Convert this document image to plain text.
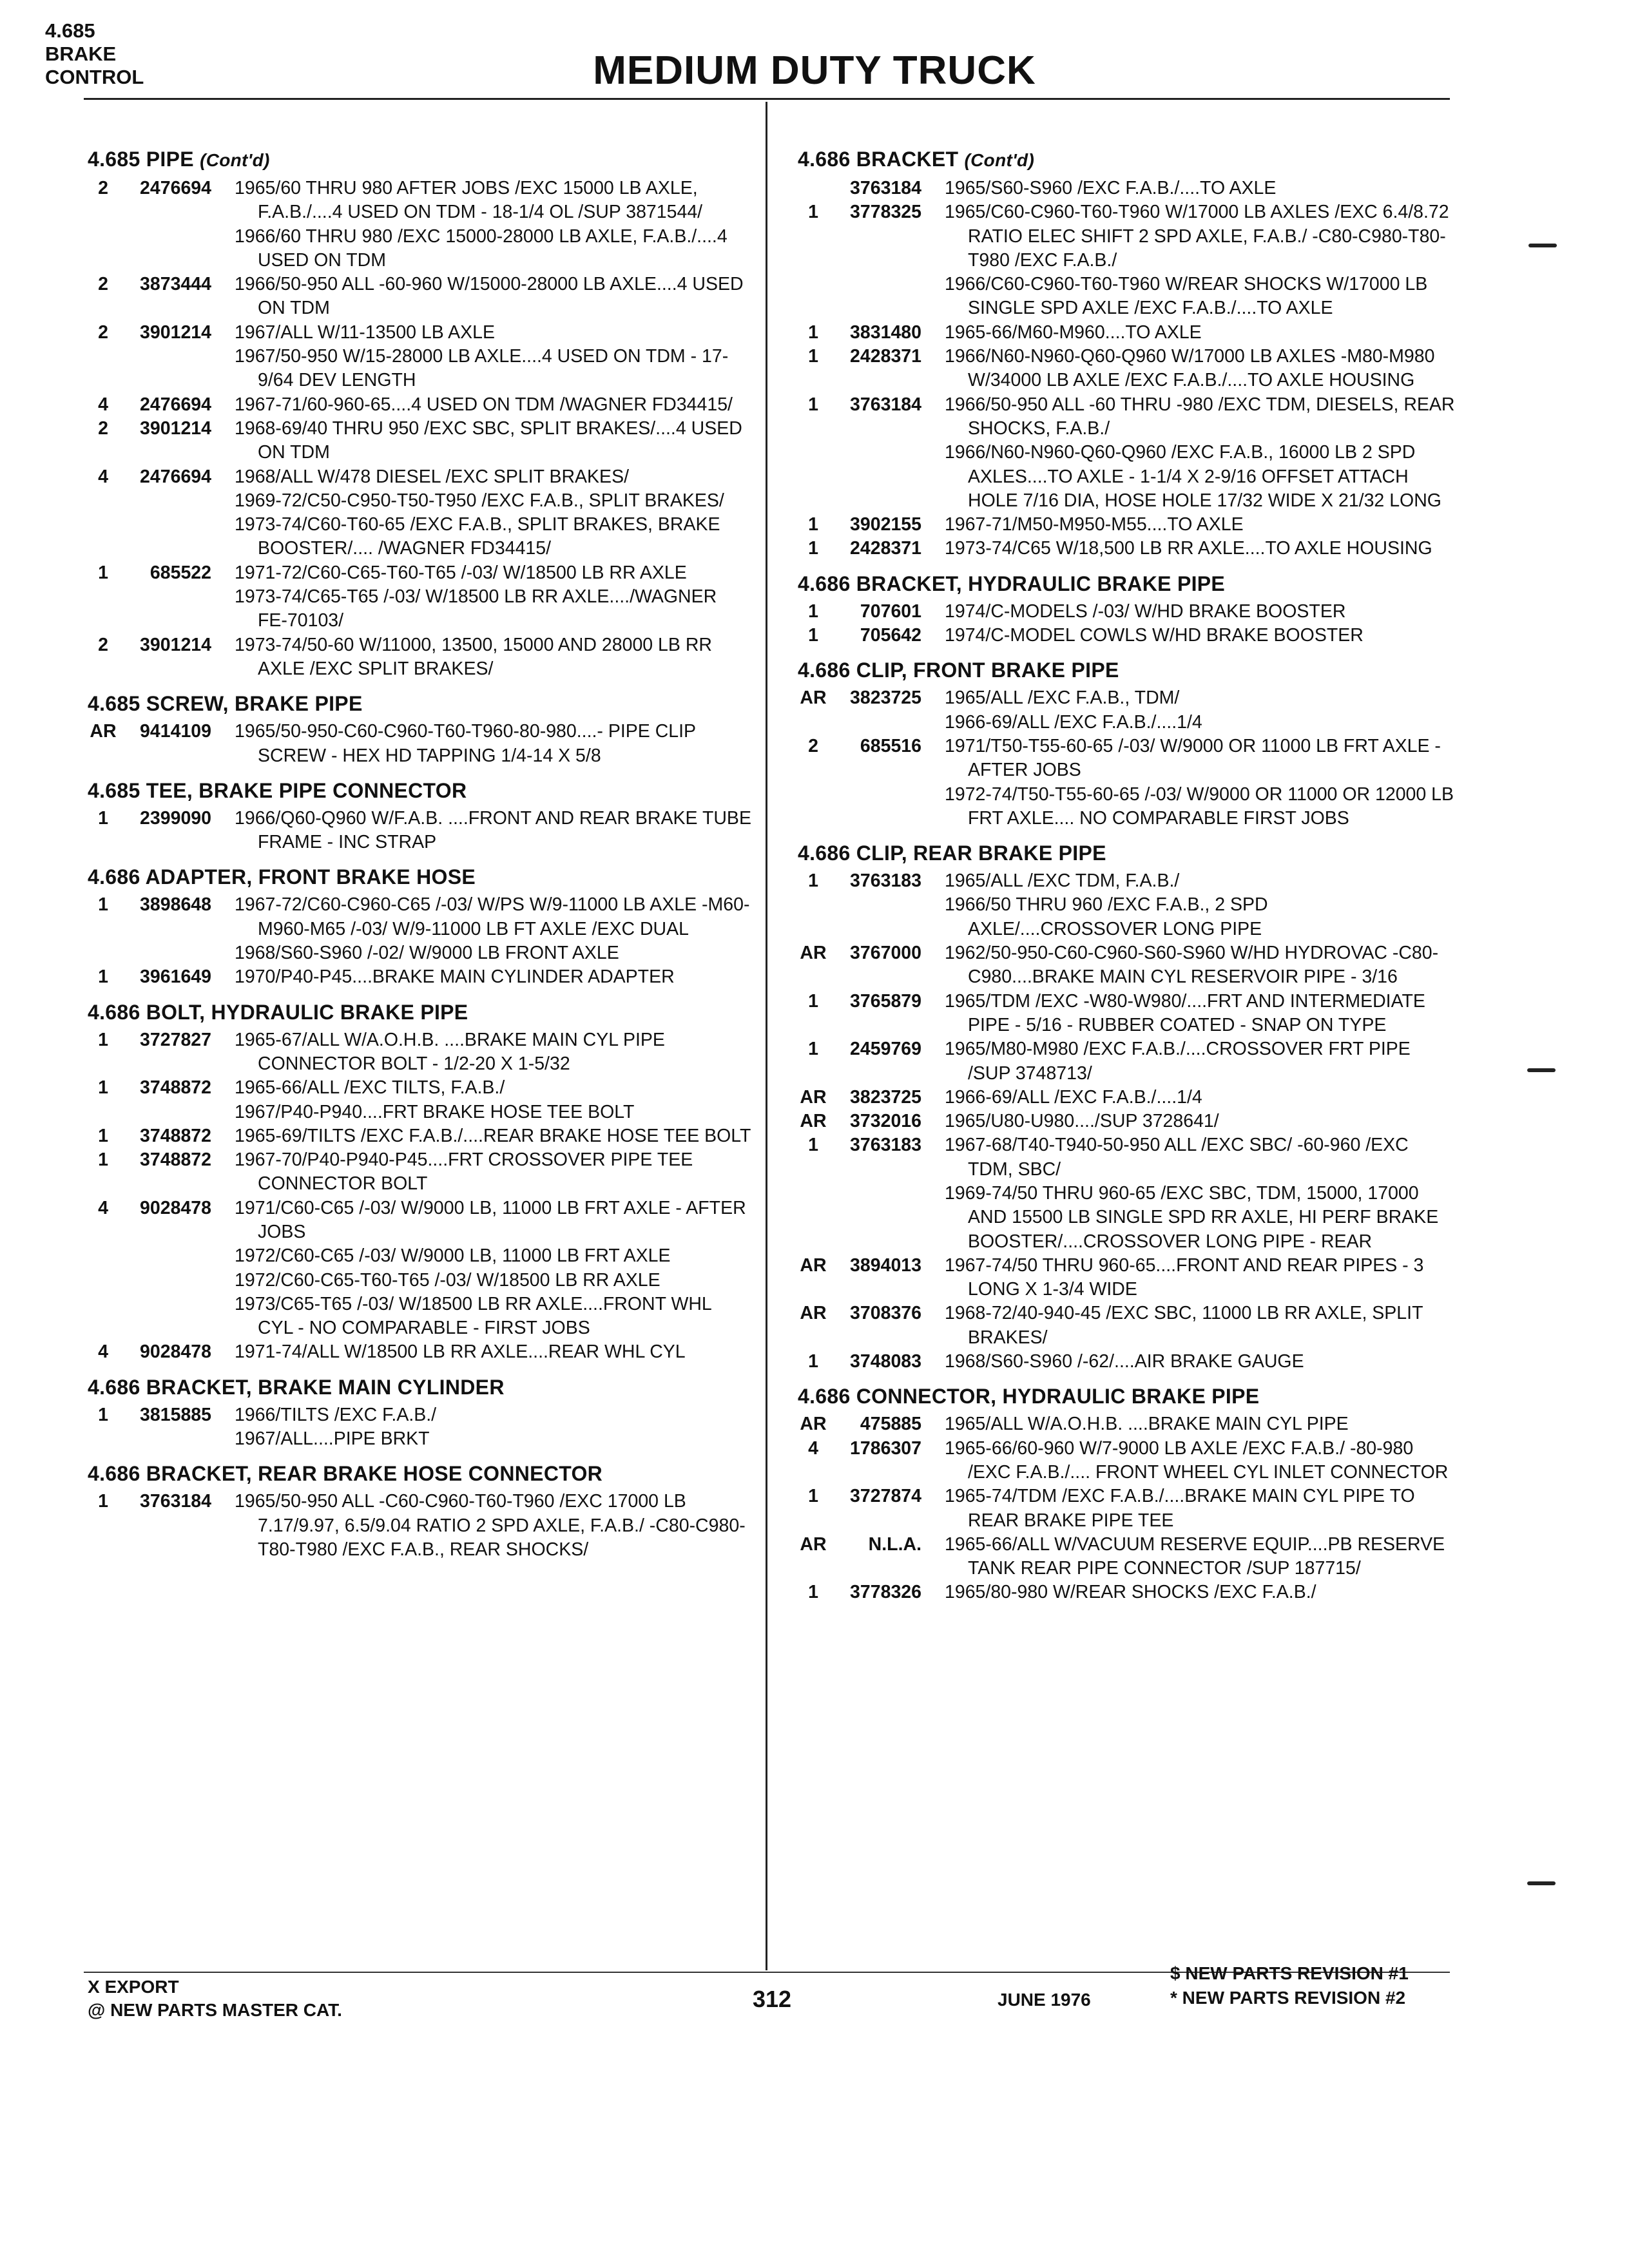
4.685
BRAKE
CONTROL	MEDIUM DUTY TRUCK
4.685 PIPE (Cont'd)
2	2476694	1965/60 THRU 980 AFTER JOBS /EXC 15000 LB AXLE, F.A.B./....4 USED ON TDM - 18-1/4 OL /SUP 3871544/
1966/60 THRU 980 /EXC 15000-28000 LB AXLE, F.A.B./....4 USED ON TDM
2	3873444	1966/50-950 ALL -60-960 W/15000-28000 LB AXLE....4 USED ON TDM
2	3901214	1967/ALL W/11-13500 LB AXLE
1967/50-950 W/15-28000 LB AXLE....4 USED ON TDM - 17-9/64 DEV LENGTH
4	2476694	1967-71/60-960-65....4 USED ON TDM /WAGNER FD34415/
2	3901214	1968-69/40 THRU 950 /EXC SBC, SPLIT BRAKES/....4 USED ON TDM
4	2476694	1968/ALL W/478 DIESEL /EXC SPLIT BRAKES/
1969-72/C50-C950-T50-T950 /EXC F.A.B., SPLIT BRAKES/
1973-74/C60-T60-65 /EXC F.A.B., SPLIT BRAKES, BRAKE BOOSTER/.... /WAGNER FD34415/
1	685522	1971-72/C60-C65-T60-T65 /-03/ W/18500 LB RR AXLE
1973-74/C65-T65 /-03/ W/18500 LB RR AXLE..../WAGNER FE-70103/
2	3901214	1973-74/50-60 W/11000, 13500, 15000 AND 28000 LB RR AXLE /EXC SPLIT BRAKES/
4.685 SCREW, BRAKE PIPE
AR	9414109	1965/50-950-C60-C960-T60-T960-80-980....- PIPE CLIP SCREW - HEX HD TAPPING 1/4-14 X 5/8
4.685 TEE, BRAKE PIPE CONNECTOR
1	2399090	1966/Q60-Q960 W/F.A.B. ....FRONT AND REAR BRAKE TUBE FRAME - INC STRAP
4.686 ADAPTER, FRONT BRAKE HOSE
1	3898648	1967-72/C60-C960-C65 /-03/ W/PS W/9-11000 LB AXLE -M60-M960-M65 /-03/ W/9-11000 LB FT AXLE /EXC DUAL
1968/S60-S960 /-02/ W/9000 LB FRONT AXLE
1	3961649	1970/P40-P45....BRAKE MAIN CYLINDER ADAPTER
4.686 BOLT, HYDRAULIC BRAKE PIPE
1	3727827	1965-67/ALL W/A.O.H.B. ....BRAKE MAIN CYL PIPE CONNECTOR BOLT - 1/2-20 X 1-5/32
1	3748872	1965-66/ALL /EXC TILTS, F.A.B./
1967/P40-P940....FRT BRAKE HOSE TEE BOLT
1	3748872	1965-69/TILTS /EXC F.A.B./....REAR BRAKE HOSE TEE BOLT
1	3748872	1967-70/P40-P940-P45....FRT CROSSOVER PIPE TEE CONNECTOR BOLT
4	9028478	1971/C60-C65 /-03/ W/9000 LB, 11000 LB FRT AXLE - AFTER JOBS
1972/C60-C65 /-03/ W/9000 LB, 11000 LB FRT AXLE
1972/C60-C65-T60-T65 /-03/ W/18500 LB RR AXLE
1973/C65-T65 /-03/ W/18500 LB RR AXLE....FRONT WHL CYL - NO COMPARABLE - FIRST JOBS
4	9028478	1971-74/ALL W/18500 LB RR AXLE....REAR WHL CYL
4.686 BRACKET, BRAKE MAIN CYLINDER
1	3815885	1966/TILTS /EXC F.A.B./
1967/ALL....PIPE BRKT
4.686 BRACKET, REAR BRAKE HOSE CONNECTOR
1	3763184	1965/50-950 ALL -C60-C960-T60-T960 /EXC 17000 LB 7.17/9.97, 6.5/9.04 RATIO 2 SPD AXLE, F.A.B./ -C80-C980-T80-T980 /EXC F.A.B., REAR SHOCKS/
4.686 BRACKET (Cont'd)
3763184	1965/S60-S960 /EXC F.A.B./....TO AXLE
1	3778325	1965/C60-C960-T60-T960 W/17000 LB AXLES /EXC 6.4/8.72 RATIO ELEC SHIFT 2 SPD AXLE, F.A.B./ -C80-C980-T80-T980 /EXC F.A.B./
1966/C60-C960-T60-T960 W/REAR SHOCKS W/17000 LB SINGLE SPD AXLE /EXC F.A.B./....TO AXLE
1	3831480	1965-66/M60-M960....TO AXLE
1	2428371	1966/N60-N960-Q60-Q960 W/17000 LB AXLES -M80-M980 W/34000 LB AXLE /EXC F.A.B./....TO AXLE HOUSING
1	3763184	1966/50-950 ALL -60 THRU -980 /EXC TDM, DIESELS, REAR SHOCKS, F.A.B./
1966/N60-N960-Q60-Q960 /EXC F.A.B., 16000 LB 2 SPD AXLES....TO AXLE - 1-1/4 X 2-9/16 OFFSET ATTACH HOLE 7/16 DIA, HOSE HOLE 17/32 WIDE X 21/32 LONG
1	3902155	1967-71/M50-M950-M55....TO AXLE
1	2428371	1973-74/C65 W/18,500 LB RR AXLE....TO AXLE HOUSING
4.686 BRACKET, HYDRAULIC BRAKE PIPE
1	707601	1974/C-MODELS /-03/ W/HD BRAKE BOOSTER
1	705642	1974/C-MODEL COWLS W/HD BRAKE BOOSTER
4.686 CLIP, FRONT BRAKE PIPE
AR	3823725	1965/ALL /EXC F.A.B., TDM/
1966-69/ALL /EXC F.A.B./....1/4
2	685516	1971/T50-T55-60-65 /-03/ W/9000 OR 11000 LB FRT AXLE - AFTER JOBS
1972-74/T50-T55-60-65 /-03/ W/9000 OR 11000 OR 12000 LB FRT AXLE.... NO COMPARABLE FIRST JOBS
4.686 CLIP, REAR BRAKE PIPE
1	3763183	1965/ALL /EXC TDM, F.A.B./
1966/50 THRU 960 /EXC F.A.B., 2 SPD AXLE/....CROSSOVER LONG PIPE
AR	3767000	1962/50-950-C60-C960-S60-S960 W/HD HYDROVAC -C80-C980....BRAKE MAIN CYL RESERVOIR PIPE - 3/16
1	3765879	1965/TDM /EXC -W80-W980/....FRT AND INTERMEDIATE PIPE - 5/16 - RUBBER COATED - SNAP ON TYPE
1	2459769	1965/M80-M980 /EXC F.A.B./....CROSSOVER FRT PIPE /SUP 3748713/
AR	3823725	1966-69/ALL /EXC F.A.B./....1/4
AR	3732016	1965/U80-U980..../SUP 3728641/
1	3763183	1967-68/T40-T940-50-950 ALL /EXC SBC/ -60-960 /EXC TDM, SBC/
1969-74/50 THRU 960-65 /EXC SBC, TDM, 15000, 17000 AND 15500 LB SINGLE SPD RR AXLE, HI PERF BRAKE BOOSTER/....CROSSOVER LONG PIPE - REAR
AR	3894013	1967-74/50 THRU 960-65....FRONT AND REAR PIPES - 3 LONG X 1-3/4 WIDE
AR	3708376	1968-72/40-940-45 /EXC SBC, 11000 LB RR AXLE, SPLIT BRAKES/
1	3748083	1968/S60-S960 /-62/....AIR BRAKE GAUGE
4.686 CONNECTOR, HYDRAULIC BRAKE PIPE
AR	475885	1965/ALL W/A.O.H.B. ....BRAKE MAIN CYL PIPE
4	1786307	1965-66/60-960 W/7-9000 LB AXLE /EXC F.A.B./ -80-980 /EXC F.A.B./.... FRONT WHEEL CYL INLET CONNECTOR
1	3727874	1965-74/TDM /EXC F.A.B./....BRAKE MAIN CYL PIPE TO REAR BRAKE PIPE TEE
AR	N.L.A.	1965-66/ALL W/VACUUM RESERVE EQUIP....PB RESERVE TANK REAR PIPE CONNECTOR /SUP 187715/
1	3778326	1965/80-980 W/REAR SHOCKS /EXC F.A.B./
X EXPORT
@ NEW PARTS MASTER CAT.	312	JUNE 1976
$ NEW PARTS REVISION #1
* NEW PARTS REVISION #2
